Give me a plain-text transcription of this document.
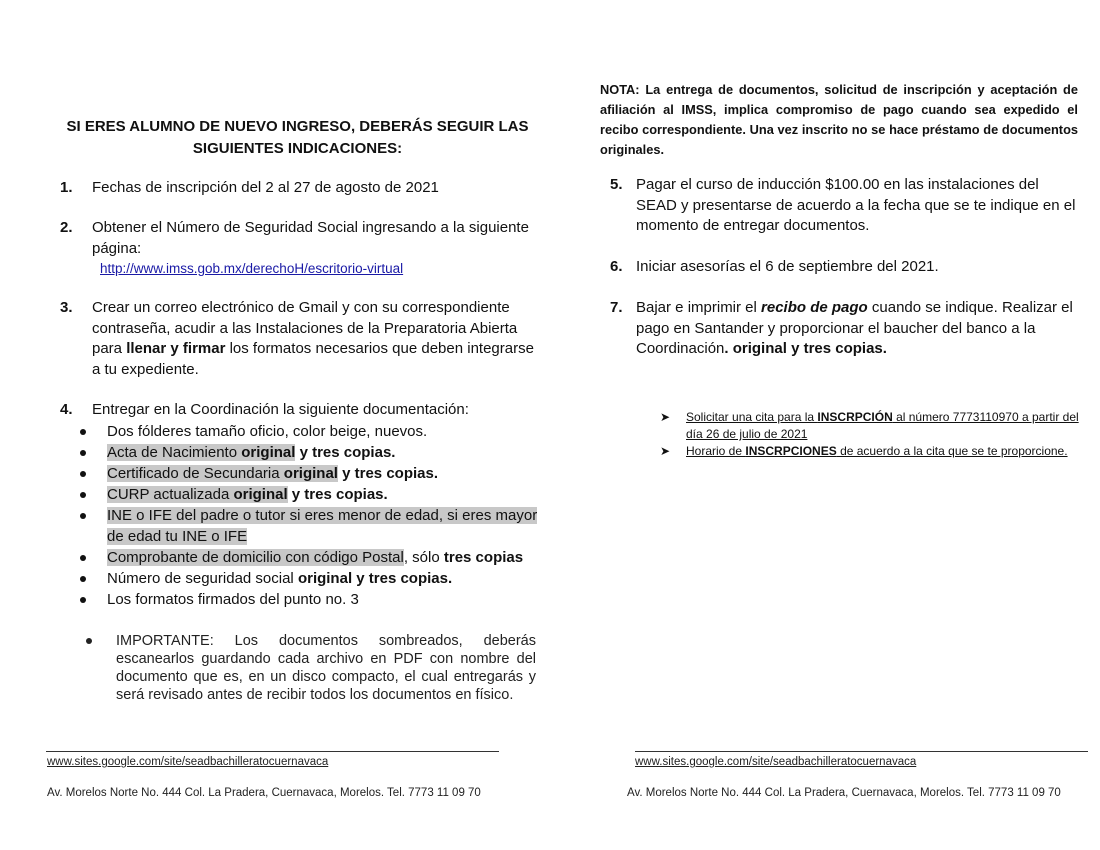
SI ERES ALUMNO DE NUEVO INGRESO, DEBERÁS SEGUIR LAS
SIGUIENTES INDICACIONES:
1.	Fechas de inscripción del 2 al 27 de agosto de 2021
2.	Obtener el Número de Seguridad Social ingresando a la siguiente página:
http://www.imss.gob.mx/derechoH/escritorio-virtual
3.	Crear un correo electrónico de Gmail y con su correspondiente contraseña, acudir a las Instalaciones de la Preparatoria Abierta para llenar y firmar los formatos necesarios que deben integrarse a tu expediente.
4.	Entregar en la Coordinación la siguiente documentación:
Dos fólderes tamaño oficio, color beige, nuevos.
Acta de Nacimiento original y tres copias.
Certificado de Secundaria original y tres copias.
CURP actualizada original y tres copias.
INE o IFE del padre o tutor si eres menor de edad, si eres mayor de edad tu INE o IFE
Comprobante de domicilio con código Postal, sólo tres copias
Número de seguridad social original y tres copias.
Los formatos firmados del punto no. 3
IMPORTANTE: Los documentos sombreados, deberás escanearlos guardando cada archivo en PDF con nombre del documento que es, en un disco compacto, el cual entregarás y será revisado antes de recibir todos los documentos en físico.
NOTA: La entrega de documentos, solicitud de inscripción y aceptación de afiliación al IMSS, implica compromiso de pago cuando sea expedido el recibo correspondiente. Una vez inscrito no se hace préstamo de documentos originales.
5. Pagar el curso de inducción $100.00 en las instalaciones del SEAD y presentarse de acuerdo a la fecha que se te indique en el momento de entregar documentos.
6. Iniciar asesorías el 6 de septiembre del 2021.
7. Bajar e imprimir el recibo de pago cuando se indique. Realizar el pago en Santander y proporcionar el baucher del banco a la Coordinación. original y tres copias.
➤ Solicitar una cita para la INSCRPCIÓN al número 7773110970 a partir del día 26 de julio de 2021
➤ Horario de INSCRPCIONES de acuerdo a la cita que se te proporcione.
www.sites.google.com/site/seadbachilleratocuernavaca
Av. Morelos Norte No. 444 Col. La Pradera, Cuernavaca, Morelos. Tel. 7773 11 09 70
www.sites.google.com/site/seadbachilleratocuernavaca
Av. Morelos Norte No. 444 Col. La Pradera, Cuernavaca, Morelos. Tel. 7773 11 09 70
